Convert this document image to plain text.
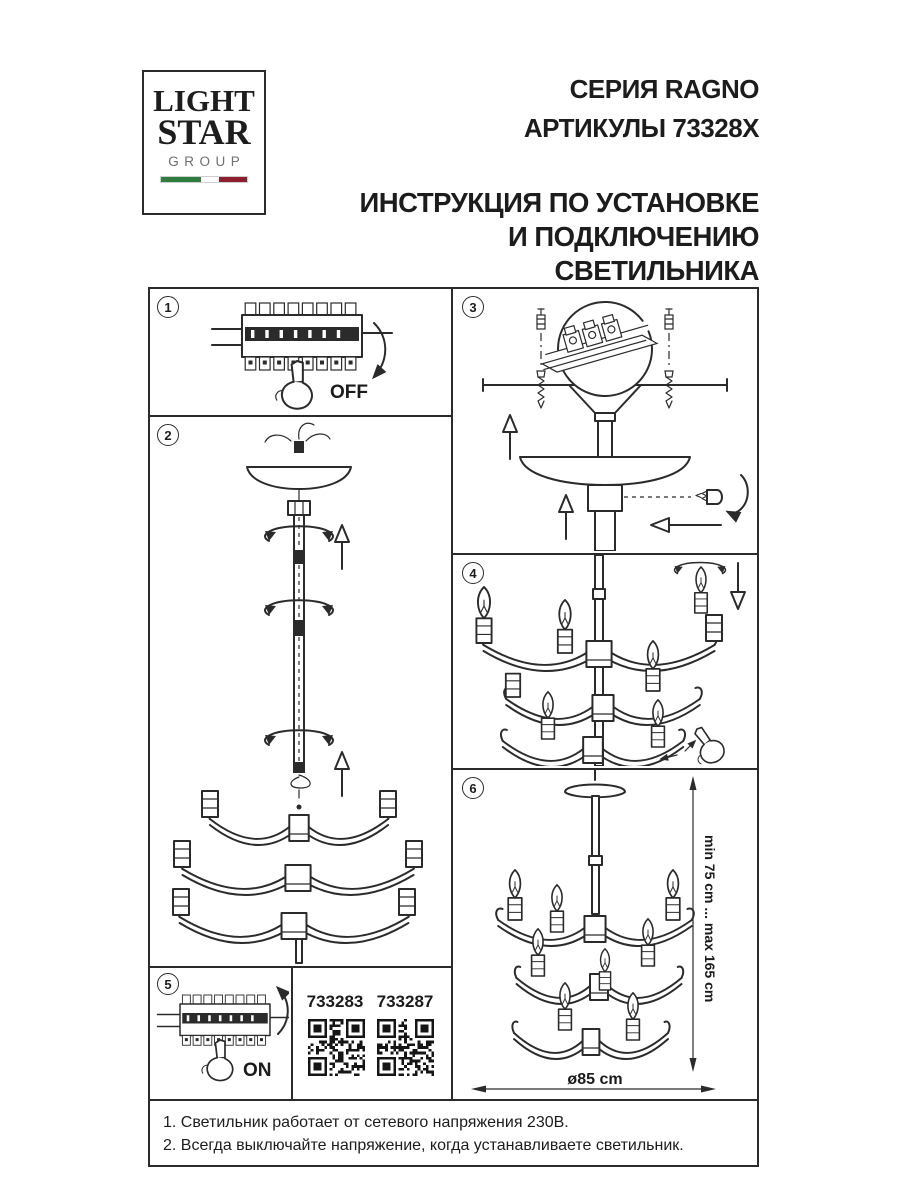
LIGHT
STAR
GROUP
СЕРИЯ RAGNO
АРТИКУЛЫ 73328X
ИНСТРУКЦИЯ ПО УСТАНОВКЕ
И ПОДКЛЮЧЕНИЮ СВЕТИЛЬНИКА
1
2
3
4
5
6
OFF
min 75 cm ... max 165 cm
ø85 cm
ON
733283 733287
1. Светильник работает от сетевого напряжения 230В.
2. Всегда выключайте напряжение, когда устанавливаете светильник.
